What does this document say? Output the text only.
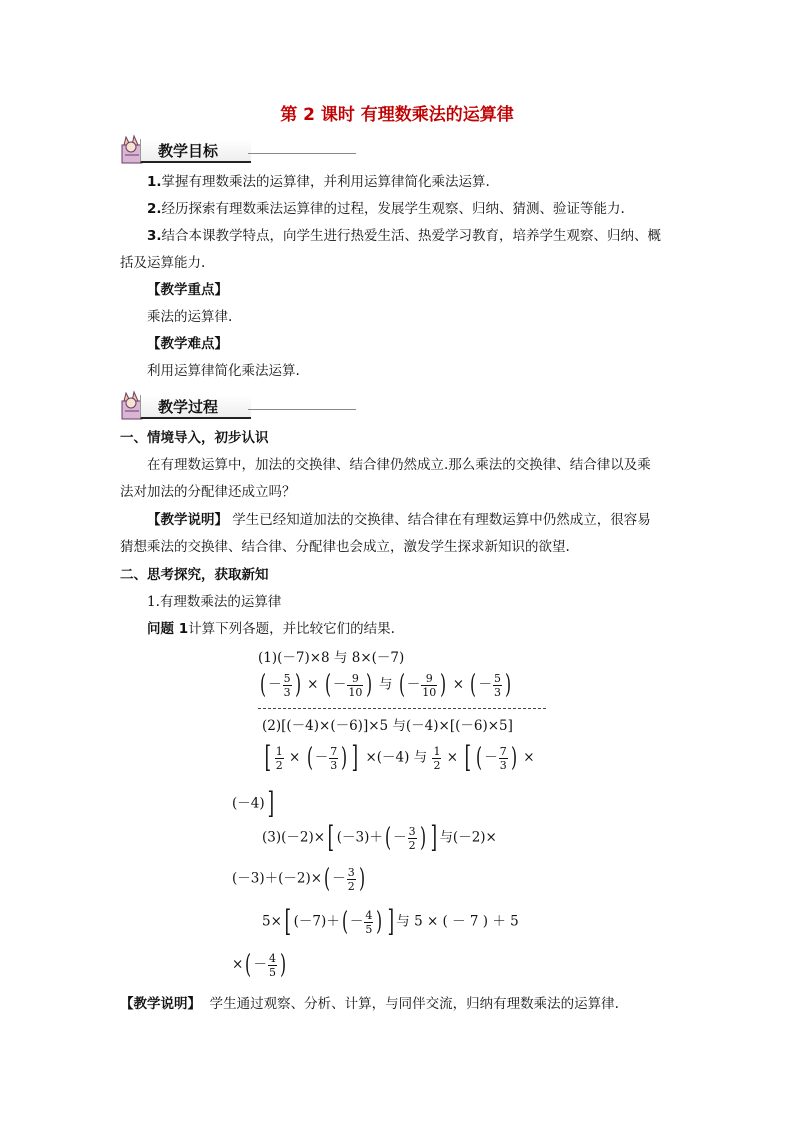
第 2 课时 有理数乘法的运算律
教学目标
1.掌握有理数乘法的运算律，并利用运算律简化乘法运算.
2.经历探索有理数乘法运算律的过程，发展学生观察、归纳、猜测、验证等能力.
3.结合本课教学特点，向学生进行热爱生活、热爱学习教育，培养学生观察、归纳、概
括及运算能力.
【教学重点】
乘法的运算律.
【教学难点】
利用运算律简化乘法运算.
教学过程
一、情境导入，初步认识
在有理数运算中，加法的交换律、结合律仍然成立.那么乘法的交换律、结合律以及乘
法对加法的分配律还成立吗？
【教学说明】 学生已经知道加法的交换律、结合律在有理数运算中仍然成立，很容易
猜想乘法的交换律、结合律、分配律也会成立，激发学生探求新知识的欲望.
二、思考探究，获取新知
1.有理数乘法的运算律
问题 1计算下列各题，并比较它们的结果.
(1)(－7)×8 与 8×(－7)
( － $\frac{5}{3}$ ) × ( － $\frac{9}{10}$ ) 与 ( － $\frac{9}{10}$ ) × ( － $\frac{5}{3}$ )
(2)[(－4)×(－6)]×5 与(－4)×[(－6)×5]
[ $\frac{1}{2}$ × ( － $\frac{7}{3}$ ) ] ×(－4) 与 $\frac{1}{2}$ × [ ( － $\frac{7}{3}$ ) ×
(－4)]
(3)(－2)×[ $(-3)+( - \frac{3}{2}$ ) ] 与(－2)×
$(-3)+(-2)\times( - \frac{3}{2}$ )
5×[ $(-7)+( - \frac{4}{5}$ ) ] 与 5 × ( － 7 ) ＋ 5
×( － $\frac{4}{5}$ )
【教学说明】 学生通过观察、分析、计算，与同伴交流，归纳有理数乘法的运算律.
